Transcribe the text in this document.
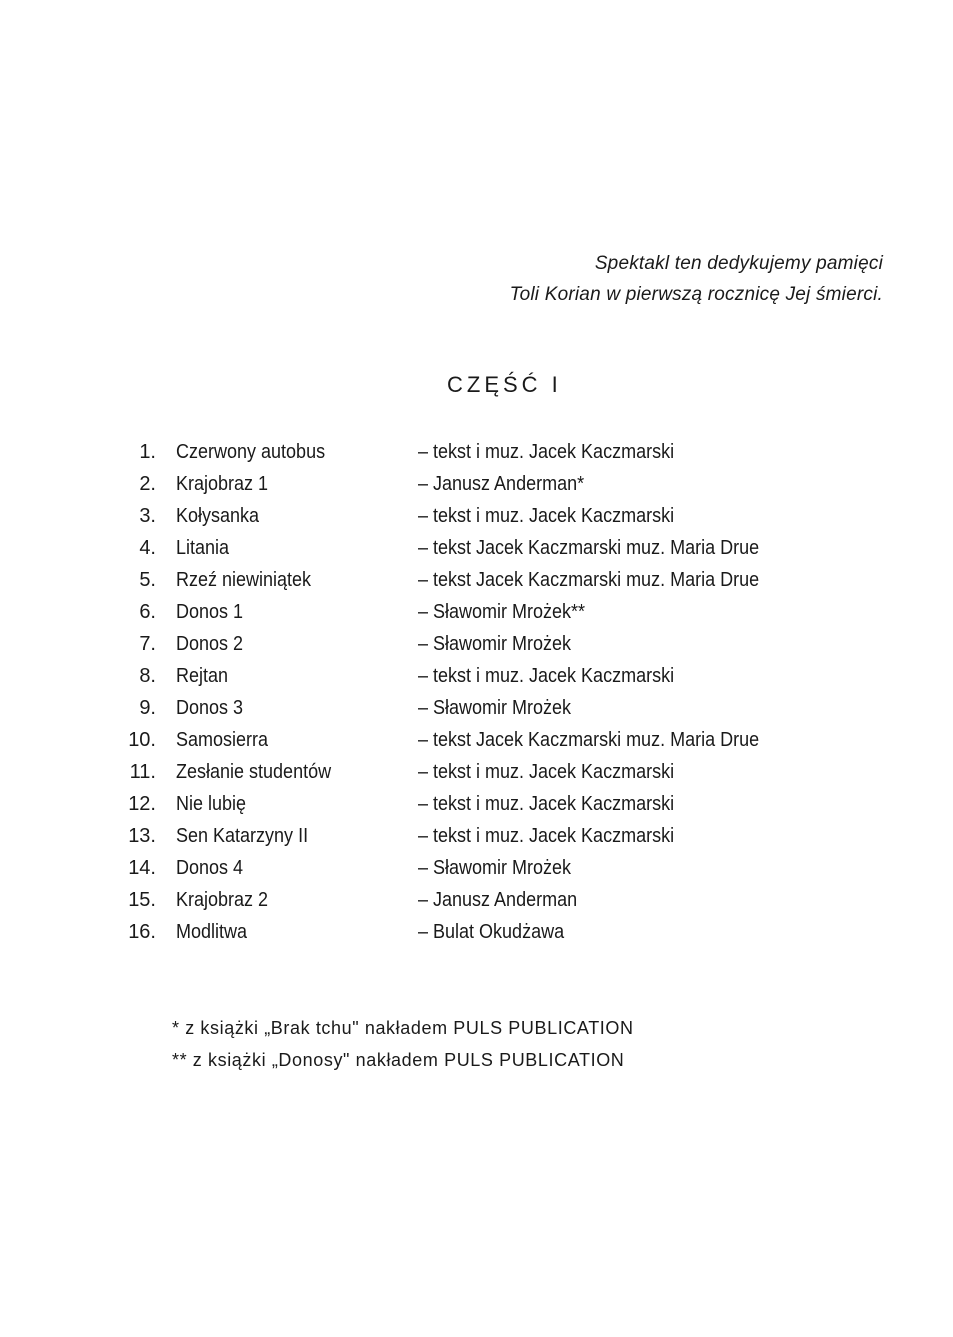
Spektakl ten dedykujemy pamięci
Toli Korian w pierwszą rocznicę Jej śmierci.
CZĘŚĆ I
1. Czerwony autobus	– tekst i muz. Jacek Kaczmarski
2. Krajobraz 1	– Janusz Anderman*
3. Kołysanka	– tekst i muz. Jacek Kaczmarski
4. Litania	– tekst Jacek Kaczmarski muz. Maria Drue
5. Rzeź niewiniątek	– tekst Jacek Kaczmarski muz. Maria Drue
6. Donos 1	– Sławomir Mrożek**
7. Donos 2	– Sławomir Mrożek
8. Rejtan	– tekst i muz. Jacek Kaczmarski
9. Donos 3	– Sławomir Mrożek
10. Samosierra	– tekst Jacek Kaczmarski muz. Maria Drue
11. Zesłanie studentów	– tekst i muz. Jacek Kaczmarski
12. Nie lubię	– tekst i muz. Jacek Kaczmarski
13. Sen Katarzyny II	– tekst i muz. Jacek Kaczmarski
14. Donos 4	– Sławomir Mrożek
15. Krajobraz 2	– Janusz Anderman
16. Modlitwa	– Bulat Okudżawa
* z książki „Brak tchu" nakładem PULS PUBLICATION
** z książki „Donosy" nakładem PULS PUBLICATION
